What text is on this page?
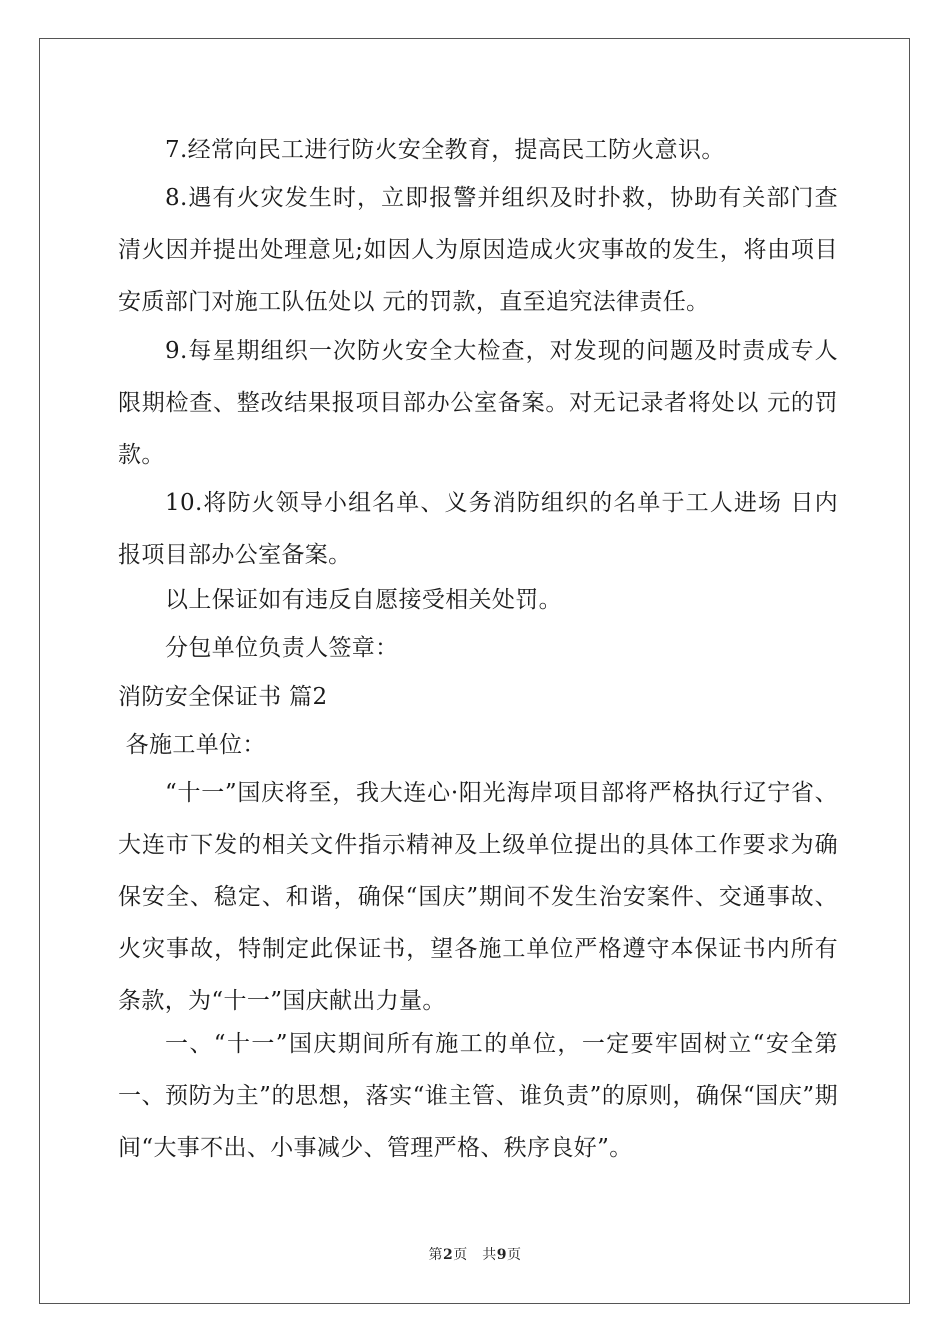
7.经常向民工进行防火安全教育，提高民工防火意识。

8.遇有火灾发生时，立即报警并组织及时扑救，协助有关部门查清火因并提出处理意见;如因人为原因造成火灾事故的发生，将由项目安质部门对施工队伍处以 元的罚款，直至追究法律责任。

9.每星期组织一次防火安全大检查，对发现的问题及时责成专人限期检查、整改结果报项目部办公室备案。对无记录者将处以 元的罚款。

10.将防火领导小组名单、义务消防组织的名单于工人进场 日内报项目部办公室备案。

以上保证如有违反自愿接受相关处罚。

分包单位负责人签章：

消防安全保证书 篇2

各施工单位：

“十一”国庆将至，我大连心·阳光海岸项目部将严格执行辽宁省、大连市下发的相关文件指示精神及上级单位提出的具体工作要求为确保安全、稳定、和谐，确保“国庆”期间不发生治安案件、交通事故、火灾事故，特制定此保证书，望各施工单位严格遵守本保证书内所有条款，为“十一”国庆献出力量。

一、“十一”国庆期间所有施工的单位，一定要牢固树立“安全第一、预防为主”的思想，落实“谁主管、谁负责”的原则，确保“国庆”期间“大事不出、小事减少、管理严格、秩序良好”。

第2页　共9页
